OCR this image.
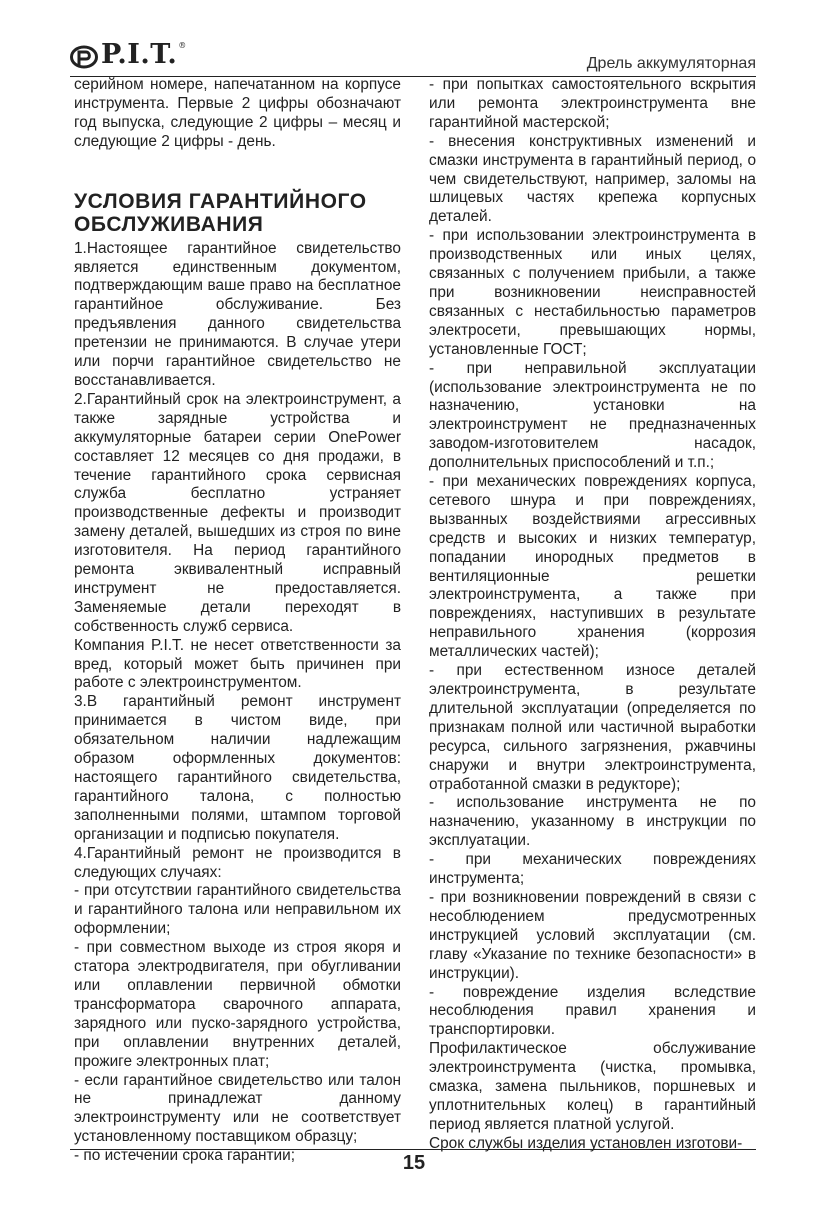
P.I.T. ®
Дрель аккумуляторная

серийном номере, напечатанном на корпусе инструмента. Первые 2 цифры обозначают год выпуска, следующие 2 цифры – месяц и следующие 2 цифры - день.

УСЛОВИЯ ГАРАНТИЙНОГО ОБСЛУЖИВАНИЯ

1.Настоящее гарантийное свидетельство является единственным документом, подтверждающим ваше право на бесплатное гарантийное обслуживание. Без предъявления данного свидетельства претензии не принимаются. В случае утери или порчи гарантийное свидетельство не восстанавливается.

2.Гарантийный срок на электроинструмент, а также зарядные устройства и аккумуляторные батареи серии OnePower составляет 12 месяцев со дня продажи, в течение гарантийного срока сервисная служба бесплатно устраняет производственные дефекты и производит замену деталей, вышедших из строя по вине изготовителя. На период гарантийного ремонта эквивалентный исправный инструмент не предоставляется. Заменяемые детали переходят в собственность служб сервиса.

Компания P.I.T. не несет ответственности за вред, который может быть причинен при работе с электроинструментом.

3.В гарантийный ремонт инструмент принимается в чистом виде, при обязательном наличии надлежащим образом оформленных документов: настоящего гарантийного свидетельства, гарантийного талона, с полностью заполненными полями, штампом торговой организации и подписью покупателя.

4.Гарантийный ремонт не производится в следующих случаях:

- при отсутствии гарантийного свидетельства и гарантийного талона или неправильном их оформлении;

- при совместном выходе из строя якоря и статора электродвигателя, при обугливании или оплавлении первичной обмотки трансформатора сварочного аппарата, зарядного или пуско-зарядного устройства, при оплавлении внутренних деталей, прожиге электронных плат;

- если гарантийное свидетельство или талон не принадлежат данному электроинструменту или не соответствует установленному поставщиком образцу;

- по истечении срока гарантии;

- при попытках самостоятельного вскрытия или ремонта электроинструмента вне гарантийной мастерской;

- внесения конструктивных изменений и смазки инструмента в гарантийный период, о чем свидетельствуют, например, заломы на шлицевых частях крепежа корпусных деталей.

- при использовании электроинструмента в производственных или иных целях, связанных с получением прибыли, а также при возникновении неисправностей связанных с нестабильностью параметров электросети, превышающих нормы, установленные ГОСТ;

- при неправильной эксплуатации (использование электроинструмента не по назначению, установки на электроинструмент не предназначенных заводом-изготовителем насадок, дополнительных приспособлений и т.п.;

- при механических повреждениях корпуса, сетевого шнура и при повреждениях, вызванных воздействиями агрессивных средств и высоких и низких температур, попадании инородных предметов в вентиляционные решетки электроинструмента, а также при повреждениях, наступивших в результате неправильного хранения (коррозия металлических частей);

- при естественном износе деталей электроинструмента, в результате длительной эксплуатации (определяется по признакам полной или частичной выработки ресурса, сильного загрязнения, ржавчины снаружи и внутри электроинструмента, отработанной смазки в редукторе);

- использование инструмента не по назначению, указанному в инструкции по эксплуатации.

- при механических повреждениях инструмента;

- при возникновении повреждений в связи с несоблюдением предусмотренных инструкцией условий эксплуатации (см. главу «Указание по технике безопасности» в инструкции).

- повреждение изделия вследствие несоблюдения правил хранения и транспортировки.

Профилактическое обслуживание электроинструмента (чистка, промывка, смазка, замена пыльников, поршневых и уплотнительных колец) в гарантийный период является платной услугой.

Срок службы изделия установлен изготови-

15
